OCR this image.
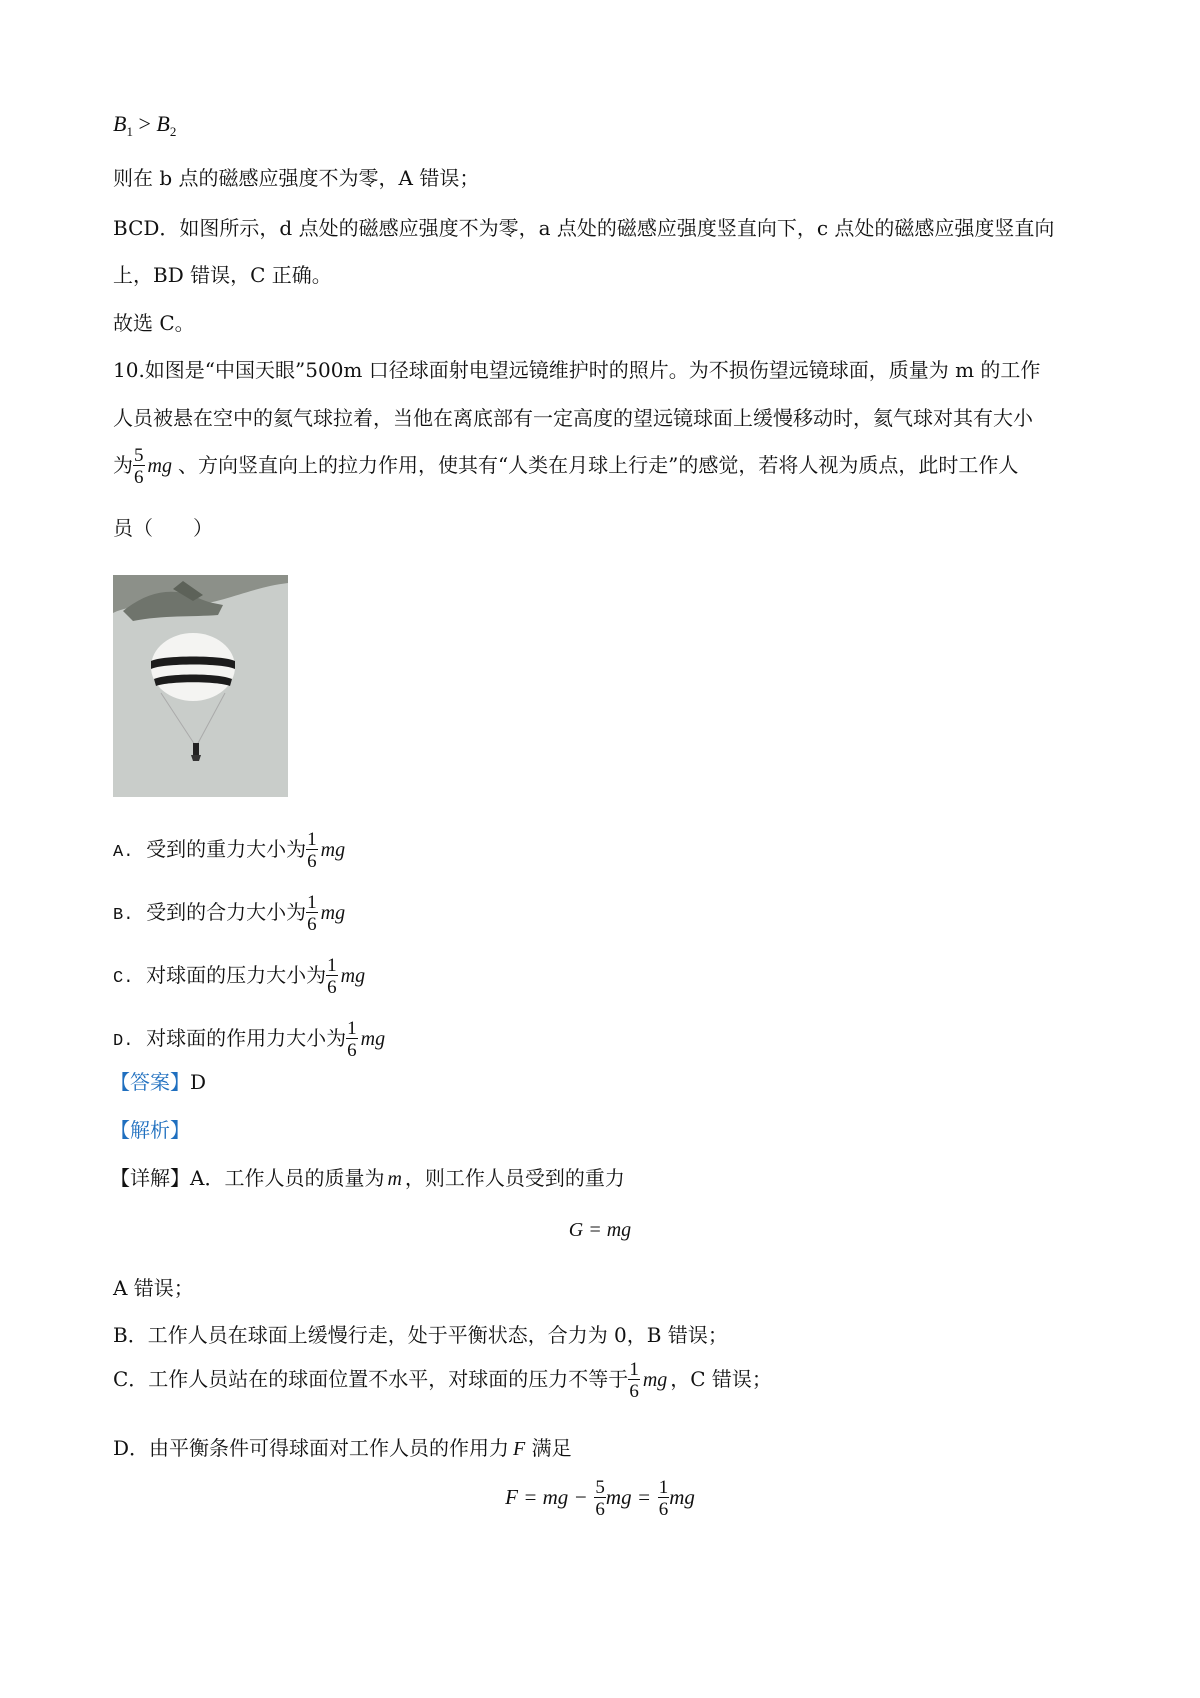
$B_1 > B_2$
则在 b 点的磁感应强度不为零，A 错误；
BCD．如图所示，d 点处的磁感应强度不为零，a 点处的磁感应强度竖直向下，c 点处的磁感应强度竖直向
上，BD 错误，C 正确。
故选 C。
10.如图是“中国天眼”500m 口径球面射电望远镜维护时的照片。为不损伤望远镜球面，质量为 m 的工作
人员被悬在空中的氦气球拉着，当他在离底部有一定高度的望远镜球面上缓慢移动时，氦气球对其有大小
为 $\frac{5}{6}$ mg 、方向竖直向上的拉力作用，使其有“人类在月球上行走”的感觉，若将人视为质点，此时工作人
员（　　）
A. 受到的重力大小为 $\frac{1}{6}$ mg
B. 受到的合力大小为 $\frac{1}{6}$ mg
C. 对球面的压力大小为 $\frac{1}{6}$ mg
D. 对球面的作用力大小为 $\frac{1}{6}$ mg
【答案】D
【解析】
【详解】A．工作人员的质量为 m ，则工作人员受到的重力
G = mg
A 错误；
B．工作人员在球面上缓慢行走，处于平衡状态，合力为 0，B 错误；
C．工作人员站在的球面位置不水平，对球面的压力不等于 $\frac{1}{6}$ mg ，C 错误；
D．由平衡条件可得球面对工作人员的作用力 F 满足
F = mg − $\frac{5}{6}$ mg = $\frac{1}{6}$ mg
